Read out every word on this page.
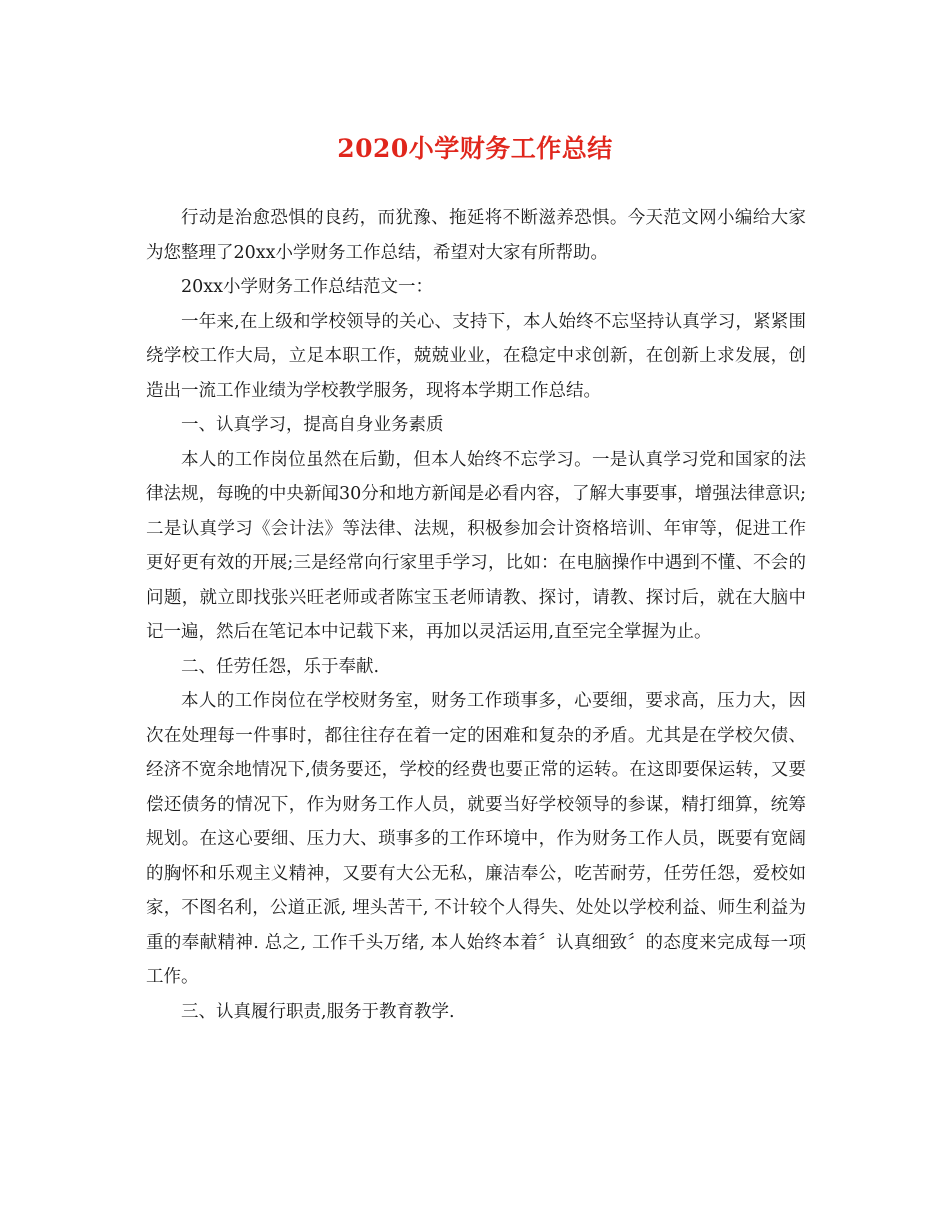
2020小学财务工作总结

行动是治愈恐惧的良药，而犹豫、拖延将不断滋养恐惧。今天范文网小编给大家为您整理了20xx小学财务工作总结，希望对大家有所帮助。

20xx小学财务工作总结范文一：

一年来,在上级和学校领导的关心、支持下，本人始终不忘坚持认真学习，紧紧围绕学校工作大局，立足本职工作，兢兢业业，在稳定中求创新，在创新上求发展，创造出一流工作业绩为学校教学服务，现将本学期工作总结。

一、认真学习，提高自身业务素质

本人的工作岗位虽然在后勤，但本人始终不忘学习。一是认真学习党和国家的法律法规，每晚的中央新闻30分和地方新闻是必看内容，了解大事要事，增强法律意识;二是认真学习《会计法》等法律、法规，积极参加会计资格培训、年审等，促进工作更好更有效的开展;三是经常向行家里手学习，比如：在电脑操作中遇到不懂、不会的问题，就立即找张兴旺老师或者陈宝玉老师请教、探讨，请教、探讨后，就在大脑中记一遍，然后在笔记本中记载下来，再加以灵活运用,直至完全掌握为止。

二、任劳任怨，乐于奉献.

本人的工作岗位在学校财务室，财务工作琐事多，心要细，要求高，压力大，因次在处理每一件事时，都往往存在着一定的困难和复杂的矛盾。尤其是在学校欠债、经济不宽余地情况下,债务要还，学校的经费也要正常的运转。在这即要保运转，又要偿还债务的情况下，作为财务工作人员，就要当好学校领导的参谋，精打细算，统筹规划。在这心要细、压力大、琐事多的工作环境中，作为财务工作人员，既要有宽阔的胸怀和乐观主义精神，又要有大公无私，廉洁奉公，吃苦耐劳，任劳任怨，爱校如家，不图名利，公道正派, 埋头苦干, 不计较个人得失、处处以学校利益、师生利益为重的奉献精神. 总之, 工作千头万绪, 本人始终本着〞认真细致〞的态度来完成每一项工作。

三、认真履行职责,服务于教育教学.
